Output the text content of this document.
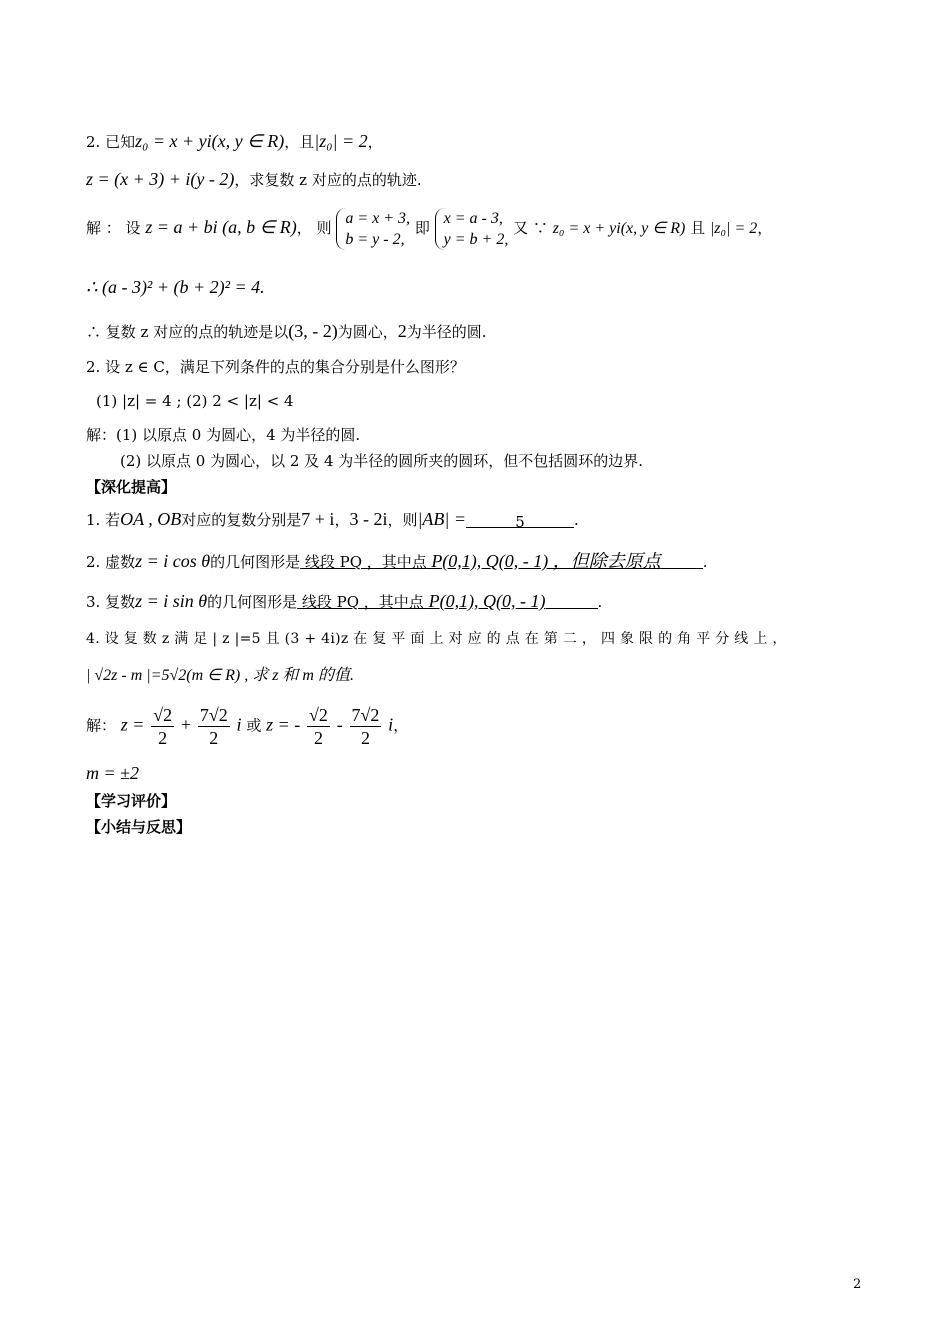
2. 已知z₀ = x + yi(x, y ∈ R)，且|z₀| = 2，
z = (x + 3) + i(y - 2)，求复数 z 对应的点的轨迹.
解 ： 设 z = a + bi (a, b ∈ R)， 则
a = x + 3,
b = y - 2,
即
x = a - 3,
y = b + 2,
又 ∵ z₀ = x + yi(x, y ∈ R) 且 |z₀| = 2，
∴ (a - 3)² + (b + 2)² = 4.
∴ 复数 z 对应的点的轨迹是以(3, - 2)为圆心，2为半径的圆.
2. 设 z ∈ C，满足下列条件的点的集合分别是什么图形？
(1) |z| = 4 ; (2) 2 < |z| < 4
解：(1) 以原点 0 为圆心，4 为半径的圆.
(2) 以原点 0 为圆心，以 2 及 4 为半径的圆所夹的圆环，但不包括圆环的边界.
【深化提高】
1. 若OA , OB对应的复数分别是7 + i，3 - 2i，则|AB| =	5	.
2. 虚数z = i cos θ的几何图形是 线段 PQ ，其中点 P(0,1), Q(0, - 1) ，但除去原点	.
3. 复数z = i sin θ的几何图形是 线段 PQ ，其中点 P(0,1), Q(0, - 1)	.
4. 设 复 数 z 满 足 | z |=5 且 (3 + 4i)z 在 复 平 面 上 对 应 的 点 在 第 二 ， 四 象 限 的 角 平 分 线 上 ，
| √2z - m |=5√2(m ∈ R) , 求 z 和 m 的值.
解： $z = \frac{√2}{2} + \frac{7√2}{2}$ i 或 z = - $\frac{√2}{2} - \frac{7√2}{2}$ i，
m = ±2
【学习评价】
【小结与反思】
2
